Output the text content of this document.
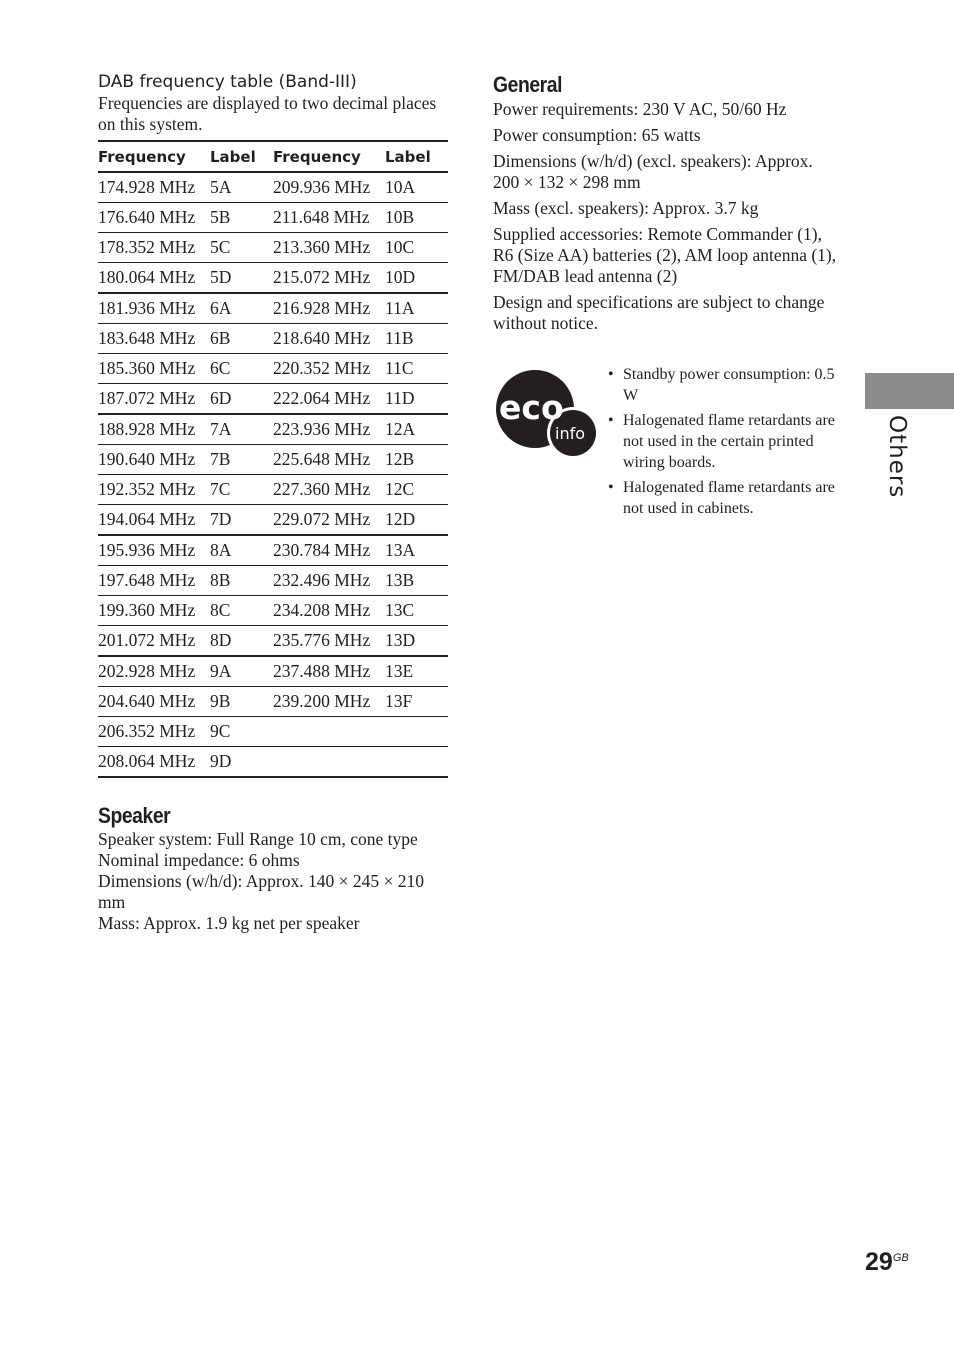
DAB frequency table (Band-III)

Frequencies are displayed to two decimal places on this system.

Frequency	Label	Frequency	Label
174.928 MHz	5A	209.936 MHz	10A
176.640 MHz	5B	211.648 MHz	10B
178.352 MHz	5C	213.360 MHz	10C
180.064 MHz	5D	215.072 MHz	10D
181.936 MHz	6A	216.928 MHz	11A
183.648 MHz	6B	218.640 MHz	11B
185.360 MHz	6C	220.352 MHz	11C
187.072 MHz	6D	222.064 MHz	11D
188.928 MHz	7A	223.936 MHz	12A
190.640 MHz	7B	225.648 MHz	12B
192.352 MHz	7C	227.360 MHz	12C
194.064 MHz	7D	229.072 MHz	12D
195.936 MHz	8A	230.784 MHz	13A
197.648 MHz	8B	232.496 MHz	13B
199.360 MHz	8C	234.208 MHz	13C
201.072 MHz	8D	235.776 MHz	13D
202.928 MHz	9A	237.488 MHz	13E
204.640 MHz	9B	239.200 MHz	13F
206.352 MHz	9C		
208.064 MHz	9D		
Speaker

Speaker system: Full Range 10 cm, cone type

Nominal impedance: 6 ohms

Dimensions (w/h/d): Approx. 140 × 245 × 210 mm

Mass: Approx. 1.9 kg net per speaker

General

Power requirements: 230 V AC, 50/60 Hz

Power consumption: 65 watts

Dimensions (w/h/d) (excl. speakers): Approx. 200 × 132 × 298 mm

Mass (excl. speakers): Approx. 3.7 kg

Supplied accessories: Remote Commander (1), R6 (Size AA) batteries (2), AM loop antenna (1), FM/DAB lead antenna (2)

Design and specifications are subject to change without notice.

eco
info
• Standby power consumption: 0.5 W
• Halogenated flame retardants are not used in the certain printed wiring boards.
• Halogenated flame retardants are not used in cabinets.
Others
$29^{GB}$
